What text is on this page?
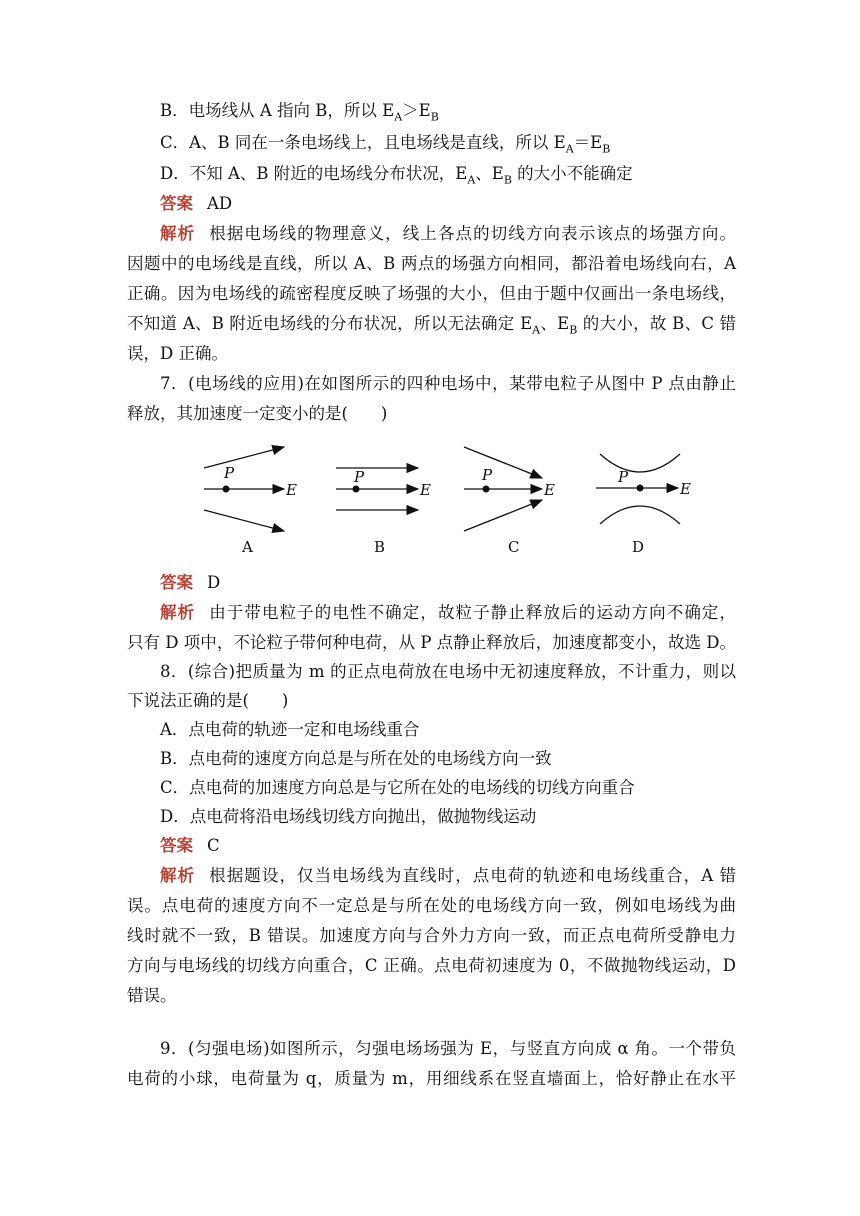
B．电场线从 A 指向 B，所以 $E_A>E_B$
C．A、B 同在一条电场线上，且电场线是直线，所以 $E_A=E_B$
D．不知 A、B 附近的电场线分布状况，$E_A$、$E_B$ 的大小不能确定
答案 AD
解析 根据电场线的物理意义，线上各点的切线方向表示该点的场强方向。
因题中的电场线是直线，所以 A、B 两点的场强方向相同，都沿着电场线向右，A
正确。因为电场线的疏密程度反映了场强的大小，但由于题中仅画出一条电场线，
不知道 A、B 附近电场线的分布状况，所以无法确定 $E_A$、$E_B$ 的大小，故 B、C 错
误，D 正确。
7．(电场线的应用)在如图所示的四种电场中，某带电粒子从图中 P 点由静止
释放，其加速度一定变小的是(　　)
P
E
A
P
E
B
P
E
C
P
E
D
答案 D
解析 由于带电粒子的电性不确定，故粒子静止释放后的运动方向不确定，
只有 D 项中，不论粒子带何种电荷，从 P 点静止释放后，加速度都变小，故选 D。
8．(综合)把质量为 m 的正点电荷放在电场中无初速度释放，不计重力，则以
下说法正确的是(　　)
A．点电荷的轨迹一定和电场线重合
B．点电荷的速度方向总是与所在处的电场线方向一致
C．点电荷的加速度方向总是与它所在处的电场线的切线方向重合
D．点电荷将沿电场线切线方向抛出，做抛物线运动
答案 C
解析 根据题设，仅当电场线为直线时，点电荷的轨迹和电场线重合，A 错
误。点电荷的速度方向不一定总是与所在处的电场线方向一致，例如电场线为曲
线时就不一致，B 错误。加速度方向与合外力方向一致，而正点电荷所受静电力
方向与电场线的切线方向重合，C 正确。点电荷初速度为 0，不做抛物线运动，D
错误。
9．(匀强电场)如图所示，匀强电场场强为 E，与竖直方向成 α 角。一个带负
电荷的小球，电荷量为 q，质量为 m，用细线系在竖直墙面上，恰好静止在水平
